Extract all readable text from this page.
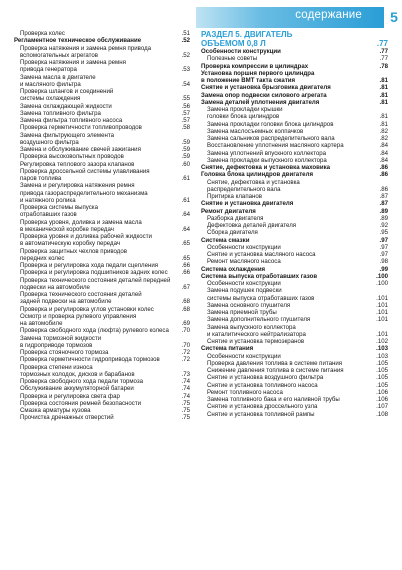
содержание 5
Проверка колес	.51
Регламентное техническое обслуживание	.52
Проверка натяжения и замена ремня привода
вспомогательных агрегатов	.52
Проверка натяжения и замена ремня
привода генератора	.53
Замена масла в двигателе
и масляного фильтра	.54
Проверка шлангов и соединений
системы охлаждения	.55
Замена охлаждающей жидкости	.56
Замена топливного фильтра	.57
Замена фильтра топливного насоса	.57
Проверка герметичности топливопроводов	.58
Замена фильтрующего элемента
воздушного фильтра	.59
Замена и обслуживание свечей зажигания	.59
Проверка высоковольтных проводов	.59
Регулировка теплового зазора клапанов	.60
Проверка дроссельной системы улавливания
паров топлива	.61
Замена и регулировка натяжения ремня
привода газораспределительного механизма
и натяжного ролика	.61
Проверка системы выпуска
отработавших газов	.64
Проверка уровня, доливка и замена масла
в механической коробке передач	.64
Проверка уровня и доливка рабочей жидкости
в автоматическую коробку передач	.65
Проверка защитных чехлов приводов
передних колес	.65
Проверка и регулировка хода педали сцепления	.66
Проверка и регулировка подшипников задних колес .66
Проверка технического состояния деталей передней
подвески на автомобиле	.67
Проверка технического состояния деталей
задней подвески на автомобиле	.68
Проверка и регулировка углов установки колес	.68
Осмотр и проверка рулевого управления
на автомобиле	.69
Проверка свободного хода (люфта) рулевого колеса .70
Замена тормозной жидкости
в гидроприводе тормозов	.70
Проверка стояночного тормоза	.72
Проверка герметичности гидропривода тормозов	.72
Проверка степени износа
тормозных колодок, дисков и барабанов	.73
Проверка свободного хода педали тормоза	.74
Обслуживание аккумуляторной батареи	.74
Проверка и регулировка света фар	.74
Проверка состояния ремней безопасности	.75
Смазка арматуры кузова	.75
Прочистка дренажных отверстий	.75
РАЗДЕЛ 5. ДВИГАТЕЛЬ
ОБЪЕМОМ 0,8 Л	.77
Особенности конструкции	.77
Полезные советы	.77
Проверка компрессии в цилиндрах	.78
Установка поршня первого цилиндра
в положение ВМТ такта сжатия	.81
Снятие и установка брызговика двигателя	.81
Замена опор подвески силового агрегата	.81
Замена деталей уплотнения двигателя	.81
Замена прокладки крышки
головки блока цилиндров	.81
Замена прокладки головки блока цилиндров	.81
Замена маслосъемных колпачков	.82
Замена сальников распределительного вала	.82
Восстановление уплотнения масляного картера	.84
Замена уплотнений впускного коллектора	.84
Замена прокладки выпускного коллектора	.84
Снятие, дефектовка и установка маховика	.86
Головка блока цилиндров двигателя	.86
Снятие, дефектовка и установка
распределительного вала	.86
Притирка клапанов	.87
Снятие и установка двигателя	.87
Ремонт двигателя	.89
Разборка двигателя	.89
Дефектовка деталей двигателя	.92
Сборка двигателя	.95
Система смазки	.97
Особенности конструкции	.97
Снятие и установка масляного насоса	.97
Ремонт масляного насоса	.98
Система охлаждения	.99
Система выпуска отработавших газов	.100
Особенности конструкции	.100
Замена подушек подвески
системы выпуска отработавших газов	.101
Замена основного глушителя	.101
Замена приемной трубы	.101
Замена дополнительного глушителя	.101
Замена выпускного коллектора
и каталитического нейтрализатора	.101
Снятие и установка термоэкранов	.102
Система питания	.103
Особенности конструкции	.103
Проверка давления топлива в системе питания	.105
Снижение давления топлива в системе питания	.105
Снятие и установка воздушного фильтра	.105
Снятие и установка топливного насоса	.105
Ремонт топливного насоса	.106
Замена топливного бака и его наливной трубы	.106
Снятие и установка дроссельного узла	.107
Снятие и установка топливной рампы	.108
